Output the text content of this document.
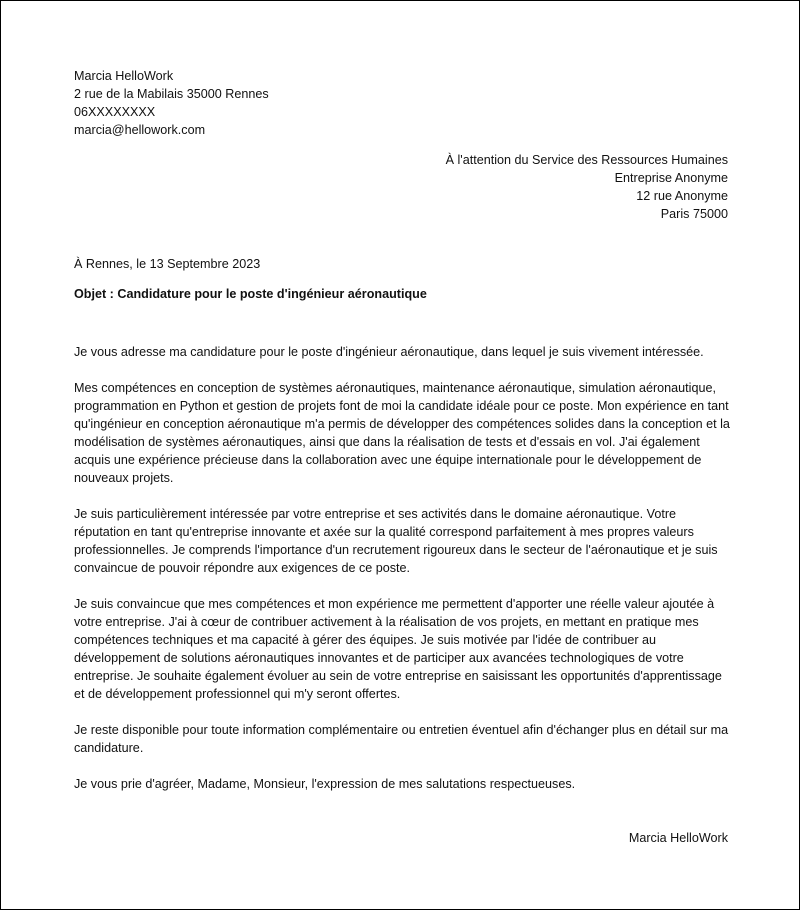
Marcia HelloWork
2 rue de la Mabilais 35000 Rennes
06XXXXXXXX
marcia@hellowork.com
À l'attention du Service des Ressources Humaines
Entreprise Anonyme
12 rue Anonyme
Paris 75000
À Rennes, le 13 Septembre 2023
Objet : Candidature pour le poste d'ingénieur aéronautique

Je vous adresse ma candidature pour le poste d'ingénieur aéronautique, dans lequel je suis vivement intéressée.

Mes compétences en conception de systèmes aéronautiques, maintenance aéronautique, simulation aéronautique, programmation en Python et gestion de projets font de moi la candidate idéale pour ce poste. Mon expérience en tant qu'ingénieur en conception aéronautique m'a permis de développer des compétences solides dans la conception et la modélisation de systèmes aéronautiques, ainsi que dans la réalisation de tests et d'essais en vol. J'ai également acquis une expérience précieuse dans la collaboration avec une équipe internationale pour le développement de nouveaux projets.

Je suis particulièrement intéressée par votre entreprise et ses activités dans le domaine aéronautique. Votre réputation en tant qu'entreprise innovante et axée sur la qualité correspond parfaitement à mes propres valeurs professionnelles. Je comprends l'importance d'un recrutement rigoureux dans le secteur de l'aéronautique et je suis convaincue de pouvoir répondre aux exigences de ce poste.

Je suis convaincue que mes compétences et mon expérience me permettent d'apporter une réelle valeur ajoutée à votre entreprise. J'ai à cœur de contribuer activement à la réalisation de vos projets, en mettant en pratique mes compétences techniques et ma capacité à gérer des équipes. Je suis motivée par l'idée de contribuer au développement de solutions aéronautiques innovantes et de participer aux avancées technologiques de votre entreprise. Je souhaite également évoluer au sein de votre entreprise en saisissant les opportunités d'apprentissage et de développement professionnel qui m'y seront offertes.

Je reste disponible pour toute information complémentaire ou entretien éventuel afin d'échanger plus en détail sur ma candidature.

Je vous prie d'agréer, Madame, Monsieur, l'expression de mes salutations respectueuses.

Marcia HelloWork
